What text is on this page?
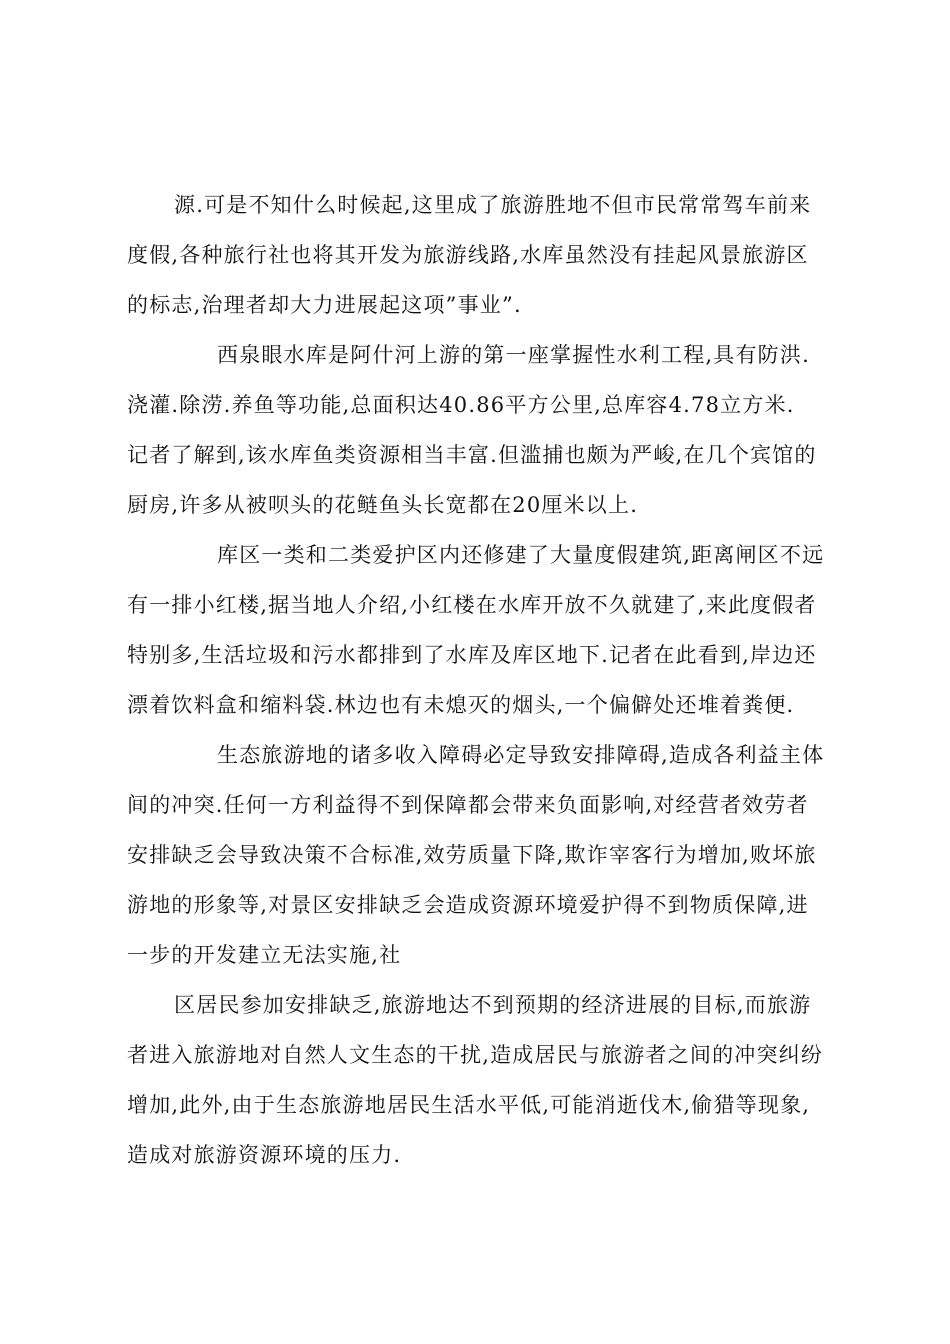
源.可是不知什么时候起,这里成了旅游胜地不但市民常常驾车前来
度假,各种旅行社也将其开发为旅游线路,水库虽然没有挂起风景旅游区
的标志,治理者却大力进展起这项”事业”.
西泉眼水库是阿什河上游的第一座掌握性水利工程,具有防洪.
浇灌.除涝.养鱼等功能,总面积达40.86平方公里,总库容4.78立方米.
记者了解到,该水库鱼类资源相当丰富.但滥捕也颇为严峻,在几个宾馆的
厨房,许多从被呗头的花鲢鱼头长宽都在20厘米以上.
库区一类和二类爱护区内还修建了大量度假建筑,距离闸区不远
有一排小红楼,据当地人介绍,小红楼在水库开放不久就建了,来此度假者
特别多,生活垃圾和污水都排到了水库及库区地下.记者在此看到,岸边还
漂着饮料盒和缩料袋.林边也有未熄灭的烟头,一个偏僻处还堆着粪便.
生态旅游地的诸多收入障碍必定导致安排障碍,造成各利益主体
间的冲突.任何一方利益得不到保障都会带来负面影响,对经营者效劳者
安排缺乏会导致决策不合标准,效劳质量下降,欺诈宰客行为增加,败坏旅
游地的形象等,对景区安排缺乏会造成资源环境爱护得不到物质保障,进
一步的开发建立无法实施,社
区居民参加安排缺乏,旅游地达不到预期的经济进展的目标,而旅游
者进入旅游地对自然人文生态的干扰,造成居民与旅游者之间的冲突纠纷
增加,此外,由于生态旅游地居民生活水平低,可能消逝伐木,偷猎等现象,
造成对旅游资源环境的压力.
